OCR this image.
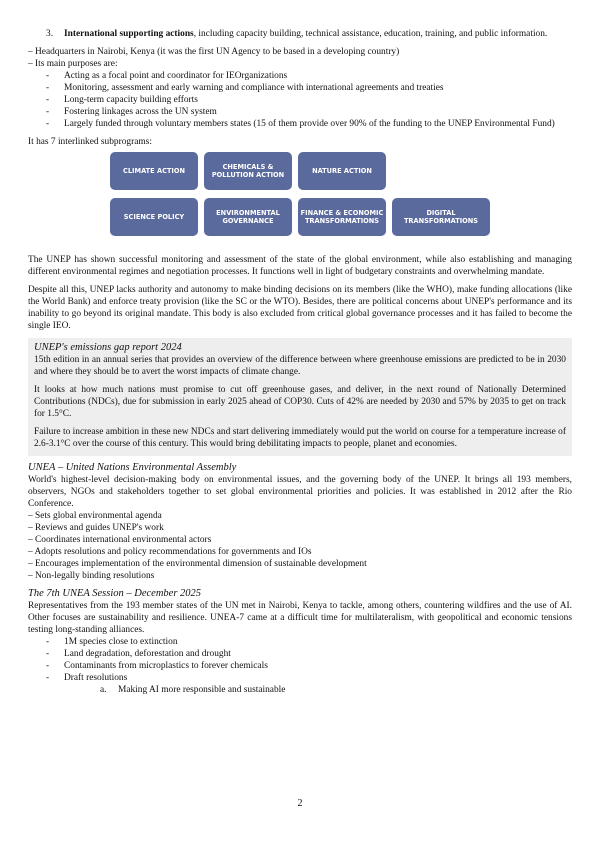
3.	International supporting actions, including capacity building, technical assistance, education, training, and public information.

– Headquarters in Nairobi, Kenya (it was the first UN Agency to be based in a developing country)

– Its main purposes are:

-	Acting as a focal point and coordinator for IEOrganizations
-	Monitoring, assessment and early warning and compliance with international agreements and treaties
-	Long-term capacity building efforts
-	Fostering linkages across the UN system
-	Largely funded through voluntary members states (15 of them provide over 90% of the funding to the UNEP Environmental Fund)

It has 7 interlinked subprograms:

CLIMATE ACTION	CHEMICALS & POLLUTION ACTION	NATURE ACTION
SCIENCE POLICY	ENVIRONMENTAL GOVERNANCE
FINANCE & ECONOMIC TRANSFORMATIONS
DIGITAL TRANSFORMATIONS

The UNEP has shown successful monitoring and assessment of the state of the global environment, while also establishing and managing different environmental regimes and negotiation processes. It functions well in light of budgetary constraints and overwhelming mandate.

Despite all this, UNEP lacks authority and autonomy to make binding decisions on its members (like the WHO), make funding allocations (like the World Bank) and enforce treaty provision (like the SC or the WTO). Besides, there are political concerns about UNEP's performance and its inability to go beyond its original mandate. This body is also excluded from critical global governance processes and it has failed to become the single IEO.

UNEP's emissions gap report 2024

15th edition in an annual series that provides an overview of the difference between where greenhouse emissions are predicted to be in 2030 and where they should be to avert the worst impacts of climate change.

It looks at how much nations must promise to cut off greenhouse gases, and deliver, in the next round of Nationally Determined Contributions (NDCs), due for submission in early 2025 ahead of COP30. Cuts of 42% are needed by 2030 and 57% by 2035 to get on track for 1.5°C.

Failure to increase ambition in these new NDCs and start delivering immediately would put the world on course for a temperature increase of 2.6-3.1°C over the course of this century. This would bring debilitating impacts to people, planet and economies.

UNEA – United Nations Environmental Assembly

World's highest-level decision-making body on environmental issues, and the governing body of the UNEP. It brings all 193 members, observers, NGOs and stakeholders together to set global environmental priorities and policies. It was established in 2012 after the Rio Conference.

– Sets global environmental agenda

– Reviews and guides UNEP's work

– Coordinates international environmental actors

– Adopts resolutions and policy recommendations for governments and IOs

– Encourages implementation of the environmental dimension of sustainable development

– Non-legally binding resolutions

The 7th UNEA Session – December 2025

Representatives from the 193 member states of the UN met in Nairobi, Kenya to tackle, among others, countering wildfires and the use of AI. Other focuses are sustainability and resilience. UNEA-7 came at a difficult time for multilateralism, with geopolitical and economic tensions testing long-standing alliances.

-	1M species close to extinction
-	Land degradation, deforestation and drought
-	Contaminants from microplastics to forever chemicals
-	Draft resolutions
a.	Making AI more responsible and sustainable
2
